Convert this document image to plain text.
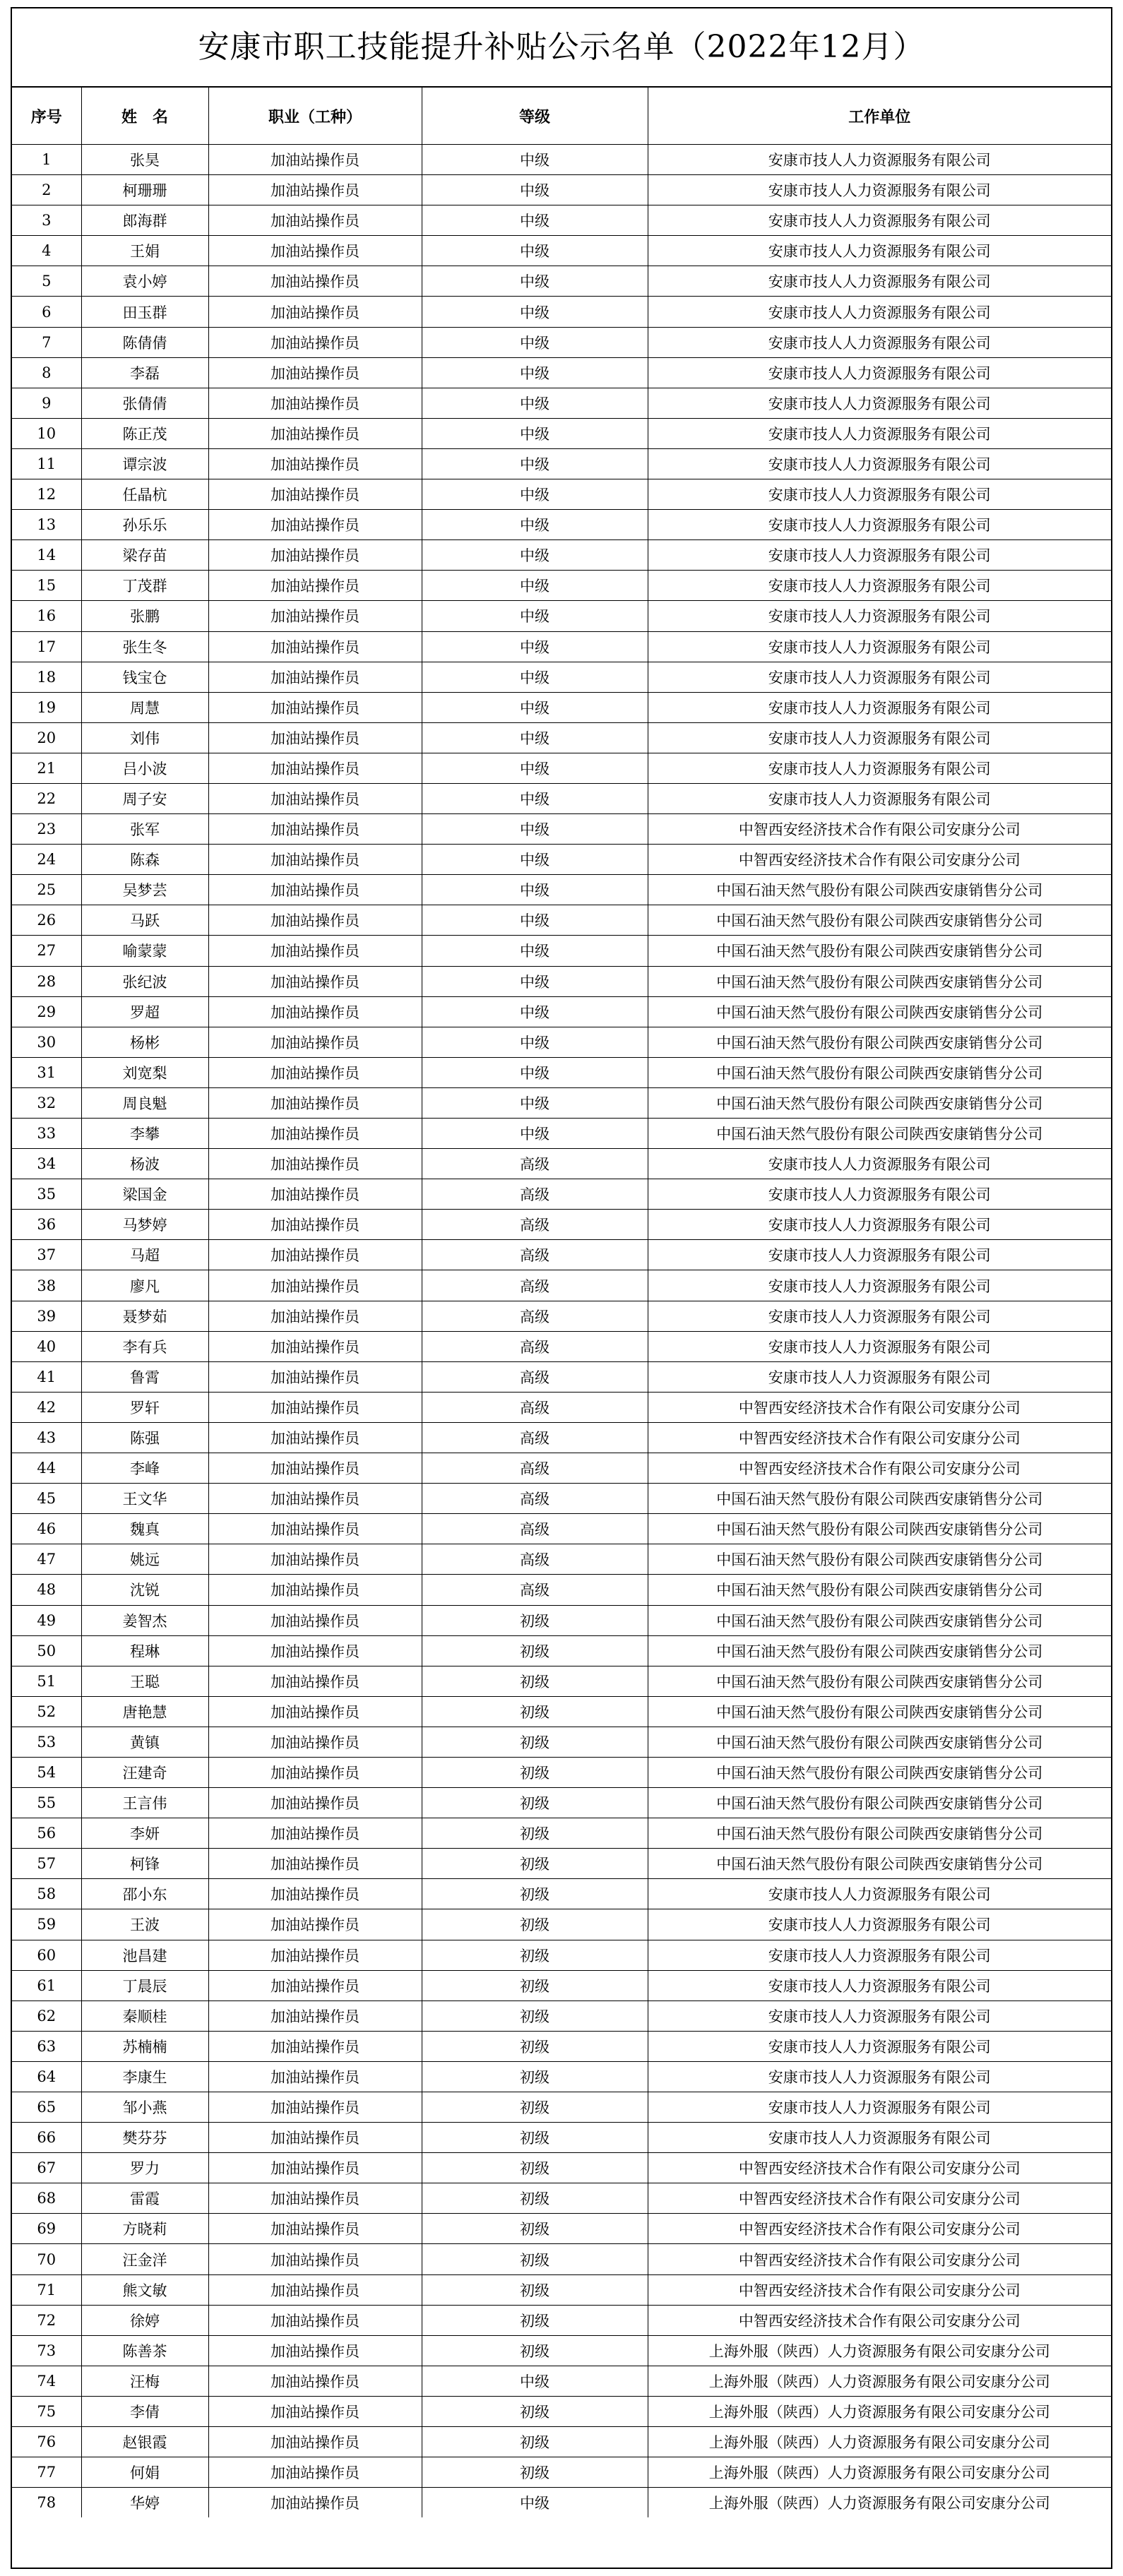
安康市职工技能提升补贴公示名单（2022年12月）
序号	姓　名	职业（工种）	等级	工作单位
1	张昊	加油站操作员	中级	安康市技人人力资源服务有限公司
2	柯珊珊	加油站操作员	中级	安康市技人人力资源服务有限公司
3	郎海群	加油站操作员	中级	安康市技人人力资源服务有限公司
4	王娟	加油站操作员	中级	安康市技人人力资源服务有限公司
5	袁小婷	加油站操作员	中级	安康市技人人力资源服务有限公司
6	田玉群	加油站操作员	中级	安康市技人人力资源服务有限公司
7	陈倩倩	加油站操作员	中级	安康市技人人力资源服务有限公司
8	李磊	加油站操作员	中级	安康市技人人力资源服务有限公司
9	张倩倩	加油站操作员	中级	安康市技人人力资源服务有限公司
10	陈正茂	加油站操作员	中级	安康市技人人力资源服务有限公司
11	谭宗波	加油站操作员	中级	安康市技人人力资源服务有限公司
12	任晶杭	加油站操作员	中级	安康市技人人力资源服务有限公司
13	孙乐乐	加油站操作员	中级	安康市技人人力资源服务有限公司
14	梁存苗	加油站操作员	中级	安康市技人人力资源服务有限公司
15	丁茂群	加油站操作员	中级	安康市技人人力资源服务有限公司
16	张鹏	加油站操作员	中级	安康市技人人力资源服务有限公司
17	张生冬	加油站操作员	中级	安康市技人人力资源服务有限公司
18	钱宝仓	加油站操作员	中级	安康市技人人力资源服务有限公司
19	周慧	加油站操作员	中级	安康市技人人力资源服务有限公司
20	刘伟	加油站操作员	中级	安康市技人人力资源服务有限公司
21	吕小波	加油站操作员	中级	安康市技人人力资源服务有限公司
22	周子安	加油站操作员	中级	安康市技人人力资源服务有限公司
23	张军	加油站操作员	中级	中智西安经济技术合作有限公司安康分公司
24	陈森	加油站操作员	中级	中智西安经济技术合作有限公司安康分公司
25	吴梦芸	加油站操作员	中级	中国石油天然气股份有限公司陕西安康销售分公司
26	马跃	加油站操作员	中级	中国石油天然气股份有限公司陕西安康销售分公司
27	喻蒙蒙	加油站操作员	中级	中国石油天然气股份有限公司陕西安康销售分公司
28	张纪波	加油站操作员	中级	中国石油天然气股份有限公司陕西安康销售分公司
29	罗超	加油站操作员	中级	中国石油天然气股份有限公司陕西安康销售分公司
30	杨彬	加油站操作员	中级	中国石油天然气股份有限公司陕西安康销售分公司
31	刘宽梨	加油站操作员	中级	中国石油天然气股份有限公司陕西安康销售分公司
32	周良魁	加油站操作员	中级	中国石油天然气股份有限公司陕西安康销售分公司
33	李攀	加油站操作员	中级	中国石油天然气股份有限公司陕西安康销售分公司
34	杨波	加油站操作员	高级	安康市技人人力资源服务有限公司
35	梁国金	加油站操作员	高级	安康市技人人力资源服务有限公司
36	马梦婷	加油站操作员	高级	安康市技人人力资源服务有限公司
37	马超	加油站操作员	高级	安康市技人人力资源服务有限公司
38	廖凡	加油站操作员	高级	安康市技人人力资源服务有限公司
39	聂梦茹	加油站操作员	高级	安康市技人人力资源服务有限公司
40	李有兵	加油站操作员	高级	安康市技人人力资源服务有限公司
41	鲁霄	加油站操作员	高级	安康市技人人力资源服务有限公司
42	罗轩	加油站操作员	高级	中智西安经济技术合作有限公司安康分公司
43	陈强	加油站操作员	高级	中智西安经济技术合作有限公司安康分公司
44	李峰	加油站操作员	高级	中智西安经济技术合作有限公司安康分公司
45	王文华	加油站操作员	高级	中国石油天然气股份有限公司陕西安康销售分公司
46	魏真	加油站操作员	高级	中国石油天然气股份有限公司陕西安康销售分公司
47	姚远	加油站操作员	高级	中国石油天然气股份有限公司陕西安康销售分公司
48	沈锐	加油站操作员	高级	中国石油天然气股份有限公司陕西安康销售分公司
49	姜智杰	加油站操作员	初级	中国石油天然气股份有限公司陕西安康销售分公司
50	程琳	加油站操作员	初级	中国石油天然气股份有限公司陕西安康销售分公司
51	王聪	加油站操作员	初级	中国石油天然气股份有限公司陕西安康销售分公司
52	唐艳慧	加油站操作员	初级	中国石油天然气股份有限公司陕西安康销售分公司
53	黄镇	加油站操作员	初级	中国石油天然气股份有限公司陕西安康销售分公司
54	汪建奇	加油站操作员	初级	中国石油天然气股份有限公司陕西安康销售分公司
55	王言伟	加油站操作员	初级	中国石油天然气股份有限公司陕西安康销售分公司
56	李妍	加油站操作员	初级	中国石油天然气股份有限公司陕西安康销售分公司
57	柯锋	加油站操作员	初级	中国石油天然气股份有限公司陕西安康销售分公司
58	邵小东	加油站操作员	初级	安康市技人人力资源服务有限公司
59	王波	加油站操作员	初级	安康市技人人力资源服务有限公司
60	池昌建	加油站操作员	初级	安康市技人人力资源服务有限公司
61	丁晨辰	加油站操作员	初级	安康市技人人力资源服务有限公司
62	秦顺桂	加油站操作员	初级	安康市技人人力资源服务有限公司
63	苏楠楠	加油站操作员	初级	安康市技人人力资源服务有限公司
64	李康生	加油站操作员	初级	安康市技人人力资源服务有限公司
65	邹小燕	加油站操作员	初级	安康市技人人力资源服务有限公司
66	樊芬芬	加油站操作员	初级	安康市技人人力资源服务有限公司
67	罗力	加油站操作员	初级	中智西安经济技术合作有限公司安康分公司
68	雷霞	加油站操作员	初级	中智西安经济技术合作有限公司安康分公司
69	方晓莉	加油站操作员	初级	中智西安经济技术合作有限公司安康分公司
70	汪金洋	加油站操作员	初级	中智西安经济技术合作有限公司安康分公司
71	熊文敏	加油站操作员	初级	中智西安经济技术合作有限公司安康分公司
72	徐婷	加油站操作员	初级	中智西安经济技术合作有限公司安康分公司
73	陈善茶	加油站操作员	初级	上海外服（陕西）人力资源服务有限公司安康分公司
74	汪梅	加油站操作员	中级	上海外服（陕西）人力资源服务有限公司安康分公司
75	李倩	加油站操作员	初级	上海外服（陕西）人力资源服务有限公司安康分公司
76	赵银霞	加油站操作员	初级	上海外服（陕西）人力资源服务有限公司安康分公司
77	何娟	加油站操作员	初级	上海外服（陕西）人力资源服务有限公司安康分公司
78	华婷	加油站操作员	中级	上海外服（陕西）人力资源服务有限公司安康分公司
